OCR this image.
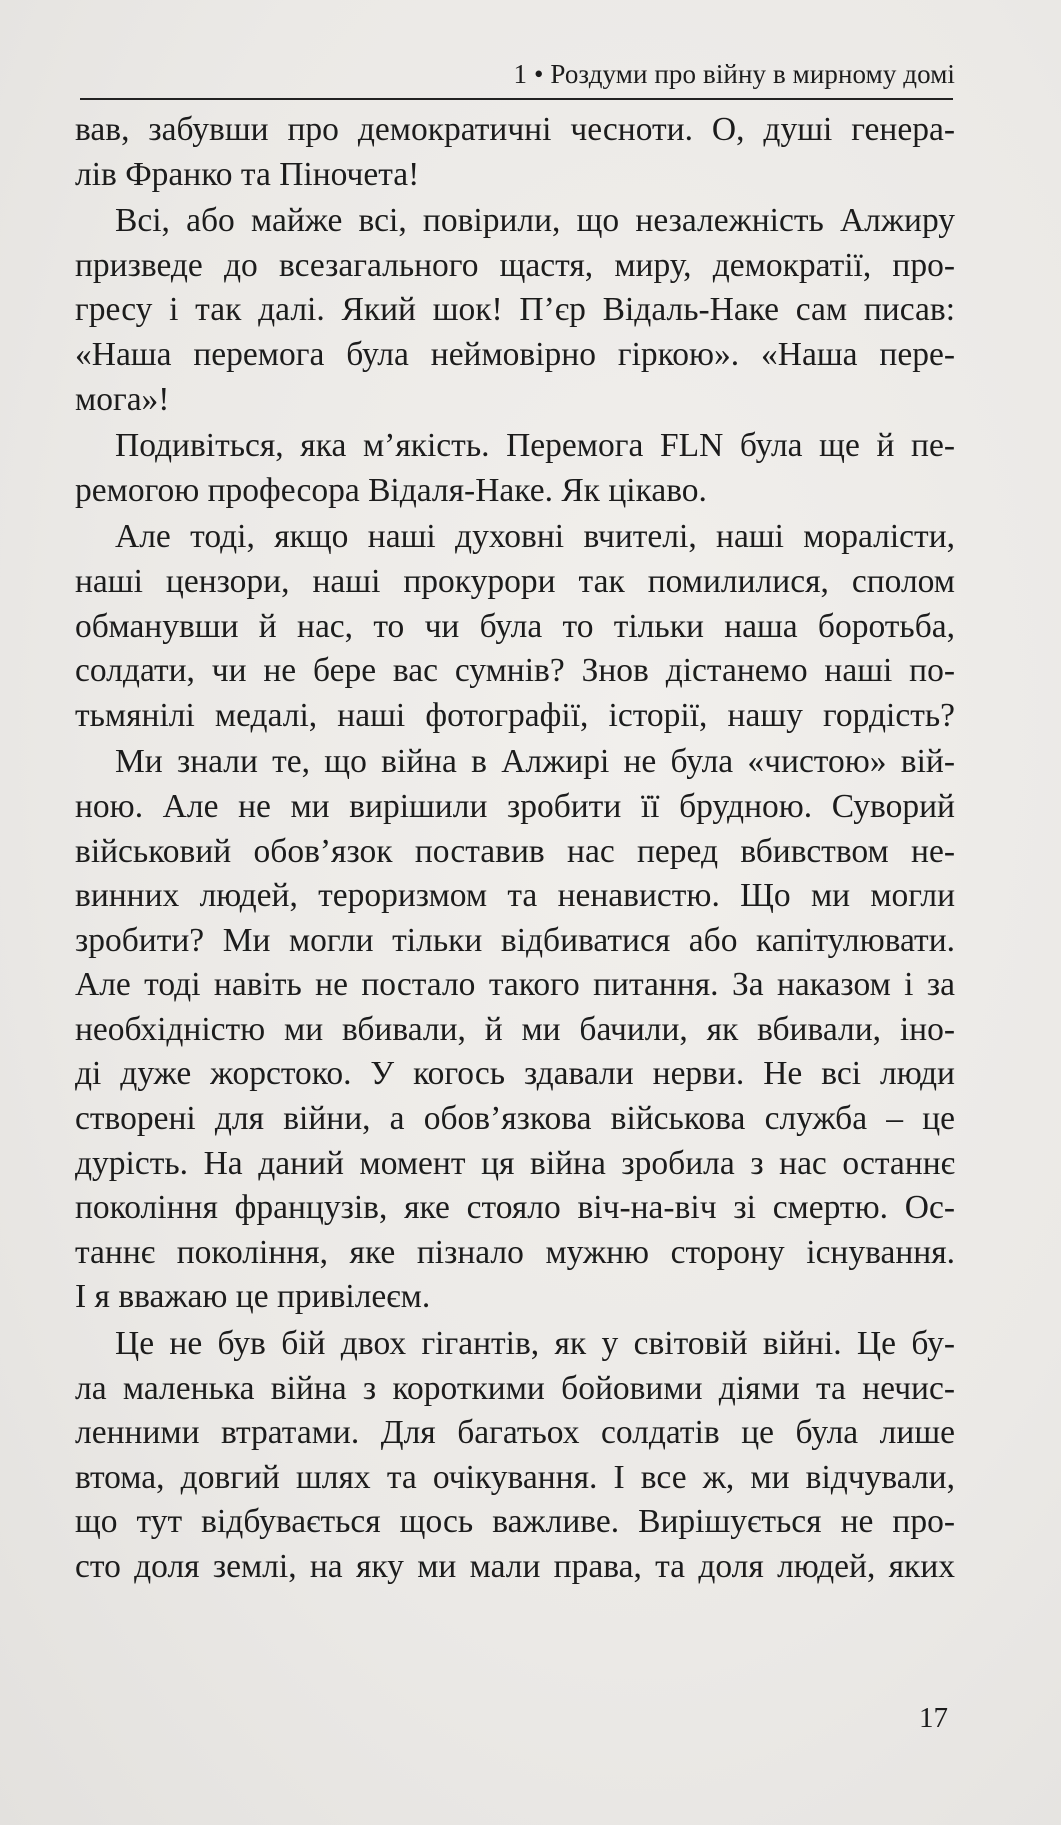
1 • Роздуми про війну в мирному домі
вав, забувши про демократичні чесноти. О, душі генера-
лів Франко та Піночета!
Всі, або майже всі, повірили, що незалежність Алжиру
призведе до всезагального щастя, миру, демократії, про-
гресу і так далі. Який шок! П’єр Відаль-Наке сам писав:
«Наша перемога була неймовірно гіркою». «Наша пере-
мога»!
Подивіться, яка м’якість. Перемога FLN була ще й пе-
ремогою професора Відаля-Наке. Як цікаво.
Але тоді, якщо наші духовні вчителі, наші моралісти,
наші цензори, наші прокурори так помилилися, сполом
обманувши й нас, то чи була то тільки наша боротьба,
солдати, чи не бере вас сумнів? Знов дістанемо наші по-
тьмянілі медалі, наші фотографії, історії, нашу гордість?
Ми знали те, що війна в Алжирі не була «чистою» вій-
ною. Але не ми вирішили зробити її брудною. Суворий
військовий обов’язок поставив нас перед вбивством не-
винних людей, тероризмом та ненавистю. Що ми могли
зробити? Ми могли тільки відбиватися або капітулювати.
Але тоді навіть не постало такого питання. За наказом і за
необхідністю ми вбивали, й ми бачили, як вбивали, іно-
ді дуже жорстоко. У когось здавали нерви. Не всі люди
створені для війни, а обов’язкова військова служба – це
дурість. На даний момент ця війна зробила з нас останнє
покоління французів, яке стояло віч-на-віч зі смертю. Ос-
таннє покоління, яке пізнало мужню сторону існування.
І я вважаю це привілеєм.
Це не був бій двох гігантів, як у світовій війні. Це бу-
ла маленька війна з короткими бойовими діями та нечис-
ленними втратами. Для багатьох солдатів це була лише
втома, довгий шлях та очікування. І все ж, ми відчували,
що тут відбувається щось важливе. Вирішується не про-
сто доля землі, на яку ми мали права, та доля людей, яких
17
